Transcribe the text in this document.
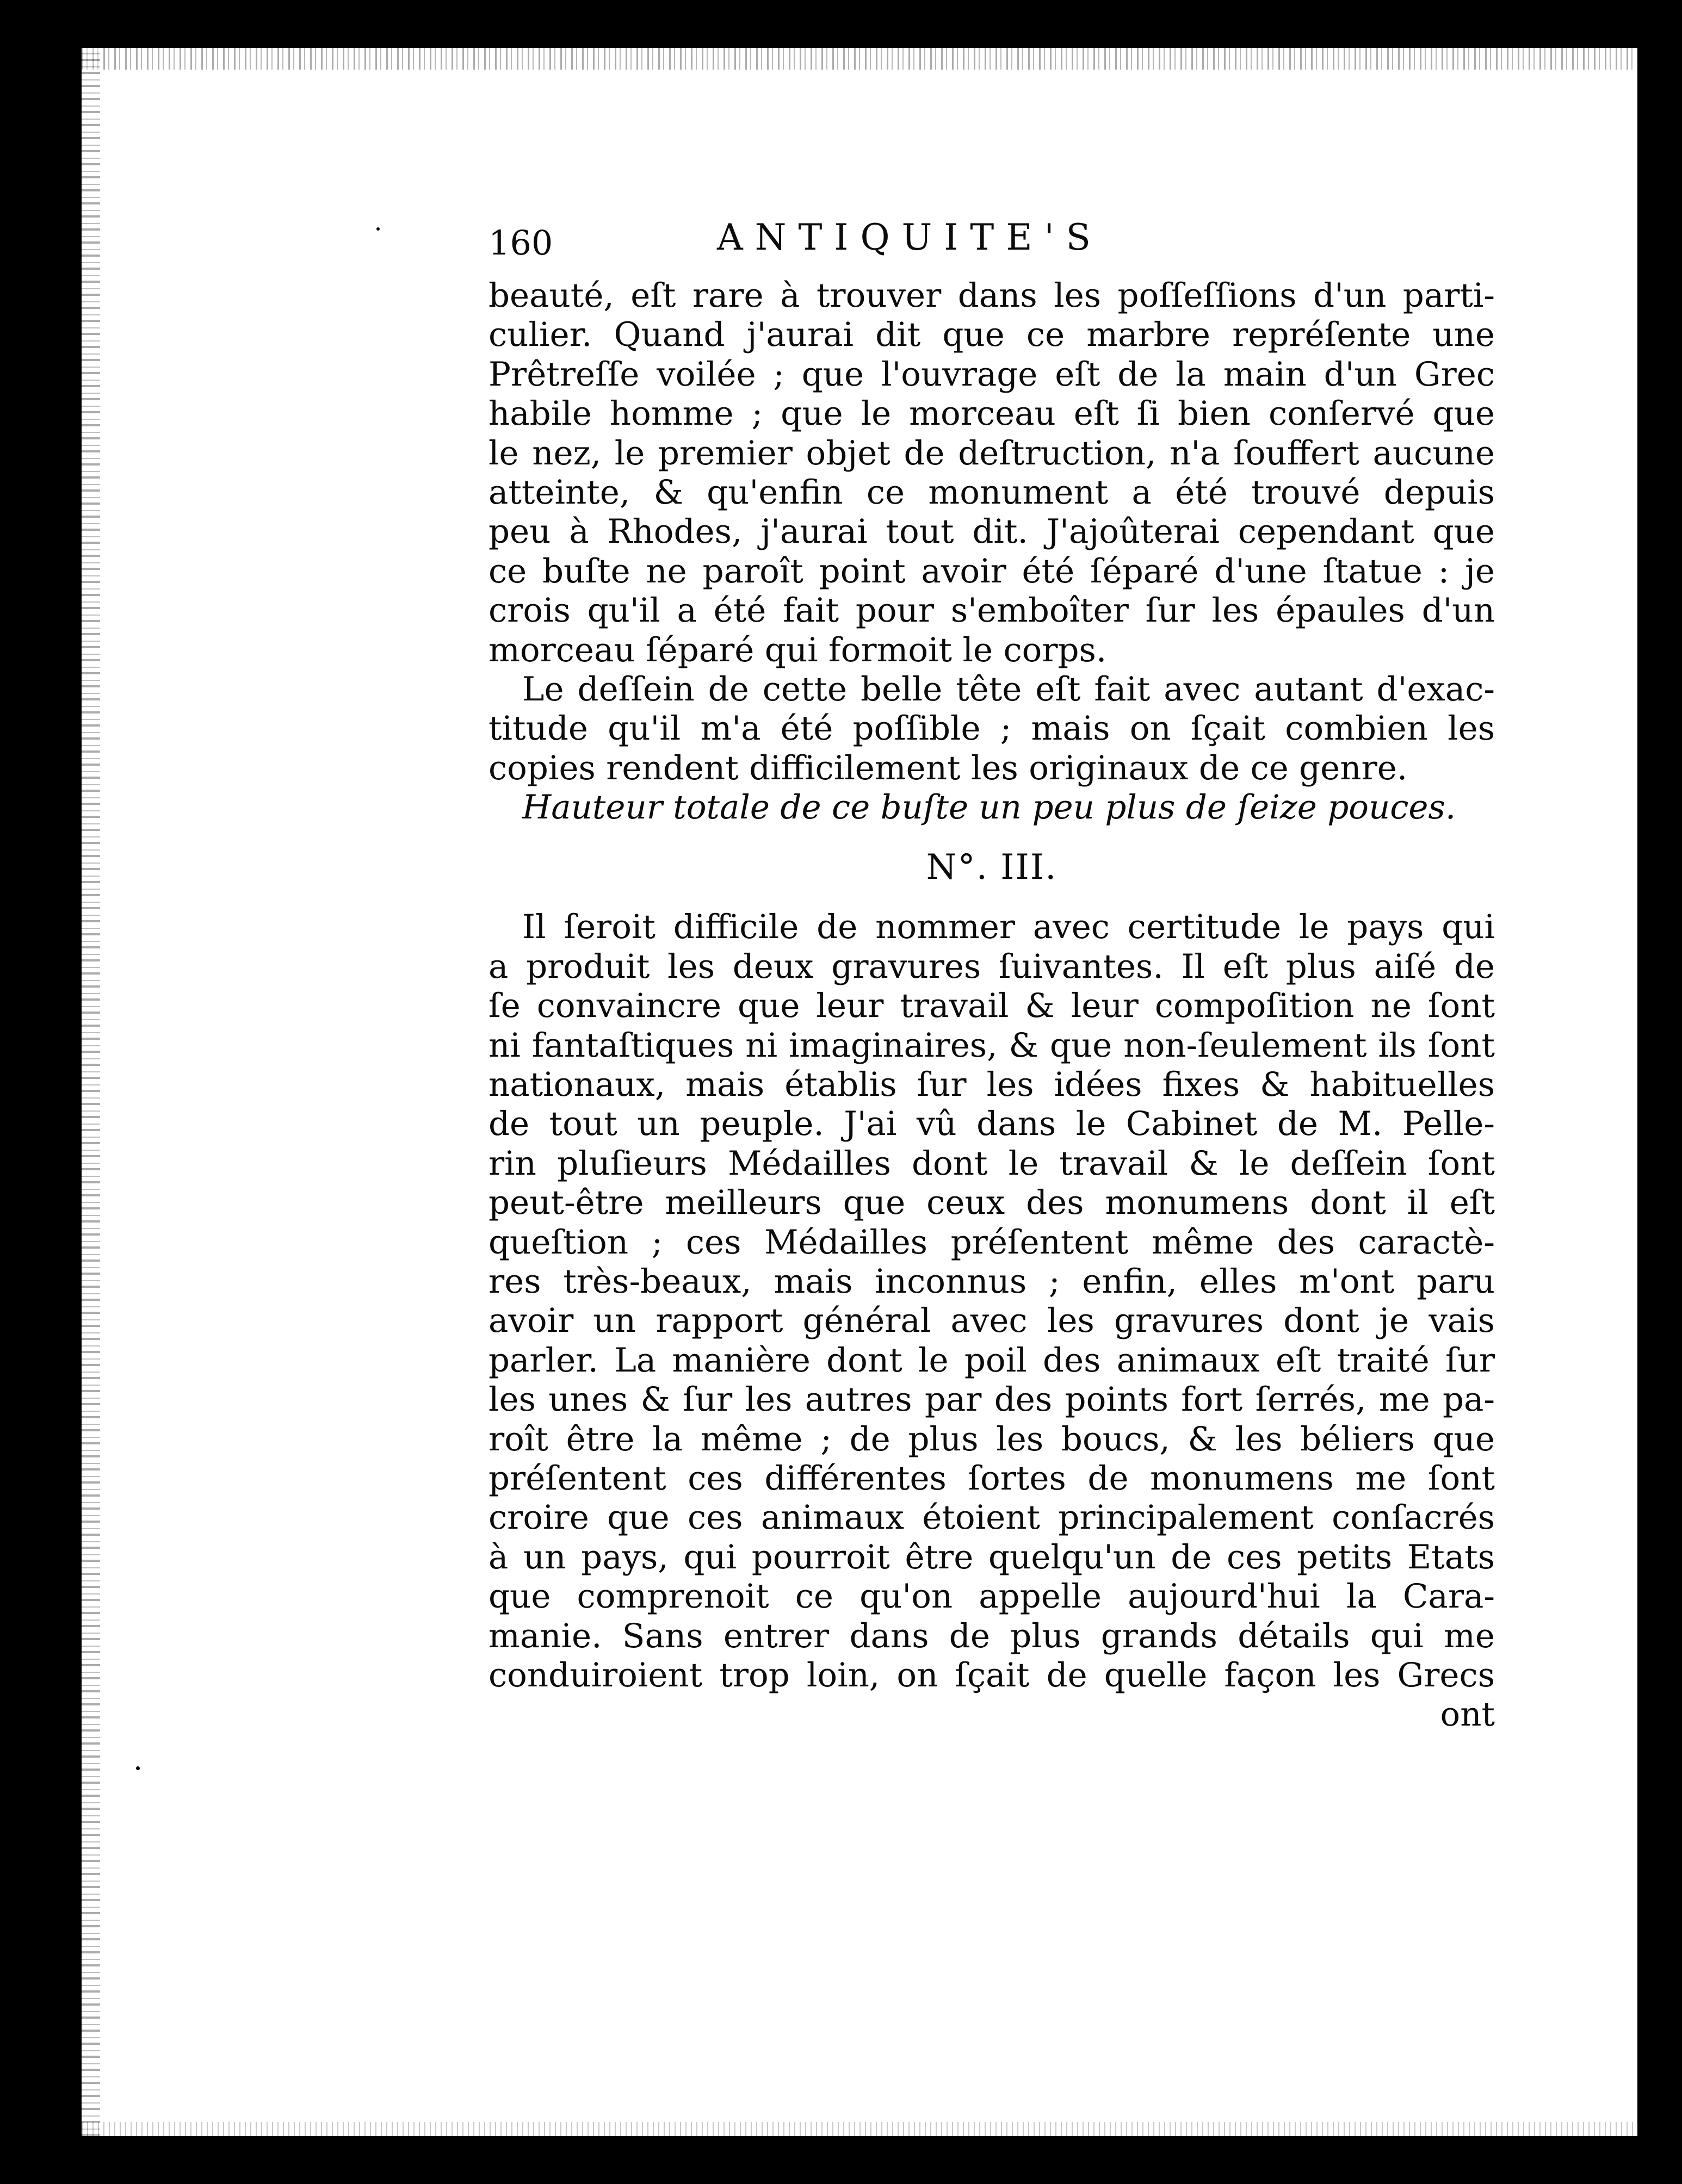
160	ANTIQUITE'S
beauté, eſt rare à trouver dans les poſſeſſions d'un parti-
culier. Quand j'aurai dit que ce marbre repréſente une
Prêtreſſe voilée ; que l'ouvrage eſt de la main d'un Grec
habile homme ; que le morceau eſt ſi bien conſervé que
le nez, le premier objet de deſtruction, n'a ſouffert aucune
atteinte, & qu'enfin ce monument a été trouvé depuis
peu à Rhodes, j'aurai tout dit. J'ajoûterai cependant que
ce buſte ne paroît point avoir été ſéparé d'une ſtatue : je
crois qu'il a été fait pour s'emboîter ſur les épaules d'un
morceau ſéparé qui formoit le corps.
Le deſſein de cette belle tête eſt fait avec autant d'exac-
titude qu'il m'a été poſſible ; mais on ſçait combien les
copies rendent difficilement les originaux de ce genre.
Hauteur totale de ce buſte un peu plus de ſeize pouces.
N°. III.
Il ſeroit difficile de nommer avec certitude le pays qui
a produit les deux gravures ſuivantes. Il eſt plus aiſé de
ſe convaincre que leur travail & leur compoſition ne ſont
ni fantaſtiques ni imaginaires, & que non-ſeulement ils ſont
nationaux, mais établis ſur les idées fixes & habituelles
de tout un peuple. J'ai vû dans le Cabinet de M. Pelle-
rin pluſieurs Médailles dont le travail & le deſſein ſont
peut-être meilleurs que ceux des monumens dont il eſt
queſtion ; ces Médailles préſentent même des caractè-
res très-beaux, mais inconnus ; enfin, elles m'ont paru
avoir un rapport général avec les gravures dont je vais
parler. La manière dont le poil des animaux eſt traité ſur
les unes & ſur les autres par des points fort ſerrés, me pa-
roît être la même ; de plus les boucs, & les béliers que
préſentent ces différentes ſortes de monumens me ſont
croire que ces animaux étoient principalement conſacrés
à un pays, qui pourroit être quelqu'un de ces petits Etats
que comprenoit ce qu'on appelle aujourd'hui la Cara-
manie. Sans entrer dans de plus grands détails qui me
conduiroient trop loin, on ſçait de quelle façon les Grecs
ont
